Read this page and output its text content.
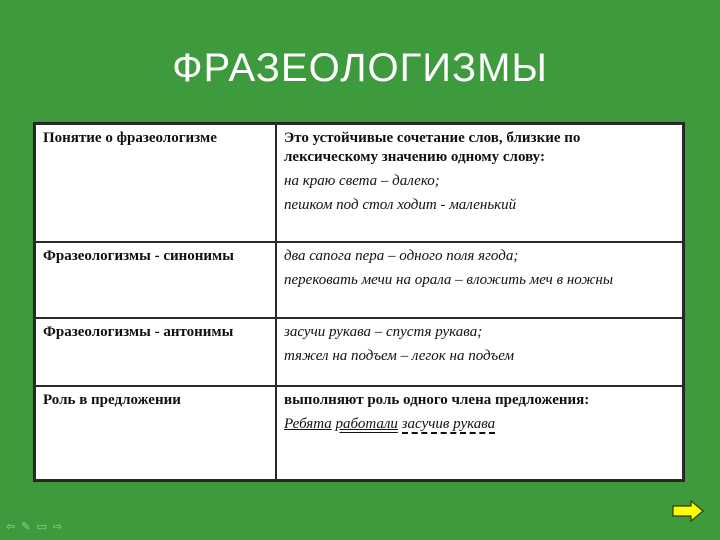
ФРАЗЕОЛОГИЗМЫ
Понятие о фразеологизме	Это устойчивые сочетание слов, близкие по лексическому значению одному слову:

на краю света – далеко;

пешком под стол ходит - маленький

Фразеологизмы - синонимы	два сапога пера – одного поля ягода;

перековать мечи на орала – вложить меч в ножны

Фразеологизмы - антонимы	засучи рукава – спустя рукава;

тяжел на подъем – легок на подъем

Роль в предложении	выполняют роль одного члена предложения:

Ребята работали засучив рукава

⇦✎▭⇨
